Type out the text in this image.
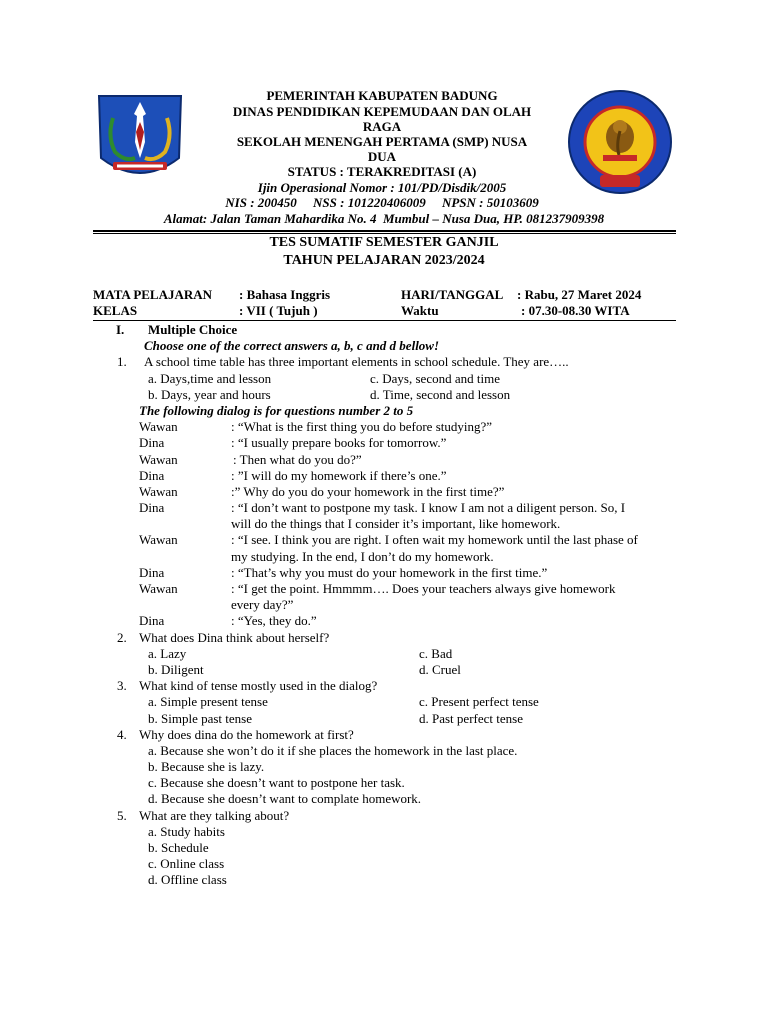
PEMERINTAH KABUPATEN BADUNG
DINAS PENDIDIKAN KEPEMUDAAN DAN OLAH
RAGA
SEKOLAH MENENGAH PERTAMA (SMP) NUSA
DUA
STATUS : TERAKREDITASI (A)
Ijin Operasional Nomor : 101/PD/Disdik/2005
NIS : 200450     NSS : 101220406009     NPSN : 50103609
Alamat: Jalan Taman Mahardika No. 4  Mumbul – Nusa Dua, HP. 081237909398
TES SUMATIF SEMESTER GANJIL
TAHUN PELAJARAN 2023/2024
MATA PELAJARAN : Bahasa Inggris	HARI/TANGGAL : Rabu, 27 Maret 2024
KELAS	: VII ( Tujuh )	Waktu	: 07.30-08.30 WITA
I. Multiple Choice
Choose one of the correct answers a, b, c and d bellow!
1. A school time table has three important elements in school schedule. They are…..
a. Days,time and lesson	c. Days, second and time
b. Days, year and hours	d. Time, second and lesson
The following dialog is for questions number 2 to 5
Wawan	: “What is the first thing you do before studying?”
Dina	: “I usually prepare books for tomorrow.”
Wawan	: Then what do you do?”
Dina	: ”I will do my homework if there’s one.”
Wawan	:” Why do you do your homework in the first time?”
Dina	: “I don’t want to postpone my task. I know I am not a diligent person. So, I
will do the things that I consider it’s important, like homework.
Wawan	: “I see. I think you are right. I often wait my homework until the last phase of
my studying. In the end, I don’t do my homework.
Dina	: “That’s why you must do your homework in the first time.”
Wawan	: “I get the point. Hmmmm…. Does your teachers always give homework
every day?”
Dina	: “Yes, they do.”
2. What does Dina think about herself?
a. Lazy	c. Bad
b. Diligent	d. Cruel
3. What kind of tense mostly used in the dialog?
a. Simple present tense	c. Present perfect tense
b. Simple past tense	d. Past perfect tense
4. Why does dina do the homework at first?
a. Because she won’t do it if she places the homework in the last place.
b. Because she is lazy.
c. Because she doesn’t want to postpone her task.
d. Because she doesn’t want to complate homework.
5. What are they talking about?
a. Study habits
b. Schedule
c. Online class
d. Offline class
